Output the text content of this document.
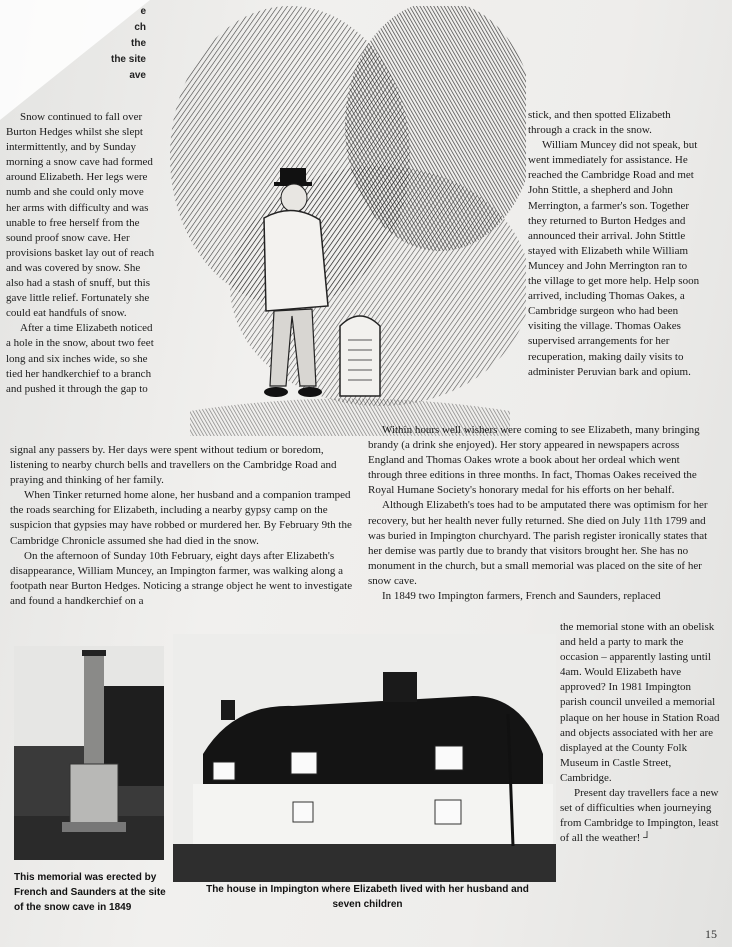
e
ch
the
the site
ave

Snow continued to fall over Burton Hedges whilst she slept intermittently, and by Sunday morning a snow cave had formed around Elizabeth. Her legs were numb and she could only move her arms with difficulty and was unable to free herself from the sound proof snow cave. Her provisions basket lay out of reach and was covered by snow. She also had a stash of snuff, but this gave little relief. Fortunately she could eat handfuls of snow.

After a time Elizabeth noticed a hole in the snow, about two feet long and six inches wide, so she tied her handkerchief to a branch and pushed it through the gap to

stick, and then spotted Elizabeth through a crack in the snow.

William Muncey did not speak, but went immediately for assistance. He reached the Cambridge Road and met John Stittle, a shepherd and John Merrington, a farmer's son. Together they returned to Burton Hedges and announced their arrival. John Stittle stayed with Elizabeth while William Muncey and John Merrington ran to the village to get more help. Help soon arrived, including Thomas Oakes, a Cambridge surgeon who had been visiting the village. Thomas Oakes supervised arrangements for her recuperation, making daily visits to administer Peruvian bark and opium.

signal any passers by. Her days were spent without tedium or boredom, listening to nearby church bells and travellers on the Cambridge Road and praying and thinking of her family.

When Tinker returned home alone, her husband and a companion tramped the roads searching for Elizabeth, including a nearby gypsy camp on the suspicion that gypsies may have robbed or murdered her. By February 9th the Cambridge Chronicle assumed she had died in the snow.

On the afternoon of Sunday 10th February, eight days after Elizabeth's disappearance, William Muncey, an Impington farmer, was walking along a footpath near Burton Hedges. Noticing a strange object he went to investigate and found a handkerchief on a

Within hours well wishers were coming to see Elizabeth, many bringing brandy (a drink she enjoyed). Her story appeared in newspapers across England and Thomas Oakes wrote a book about her ordeal which went through three editions in three months. In fact, Thomas Oakes received the Royal Humane Society's honorary medal for his efforts on her behalf.

Although Elizabeth's toes had to be amputated there was optimism for her recovery, but her health never fully returned. She died on July 11th 1799 and was buried in Impington churchyard. The parish register ironically states that her demise was partly due to brandy that visitors brought her. She has no monument in the church, but a small memorial was placed on the site of her snow cave.

In 1849 two Impington farmers, French and Saunders, replaced

the memorial stone with an obelisk and held a party to mark the occasion – apparently lasting until 4am. Would Elizabeth have approved? In 1981 Impington parish council unveiled a memorial plaque on her house in Station Road and objects associated with her are displayed at the County Folk Museum in Castle Street, Cambridge.

Present day travellers face a new set of difficulties when journeying from Cambridge to Impington, least of all the weather! ┘

This memorial was erected by French and Saunders at the site of the snow cave in 1849
The house in Impington where Elizabeth lived with her husband and seven children
15
